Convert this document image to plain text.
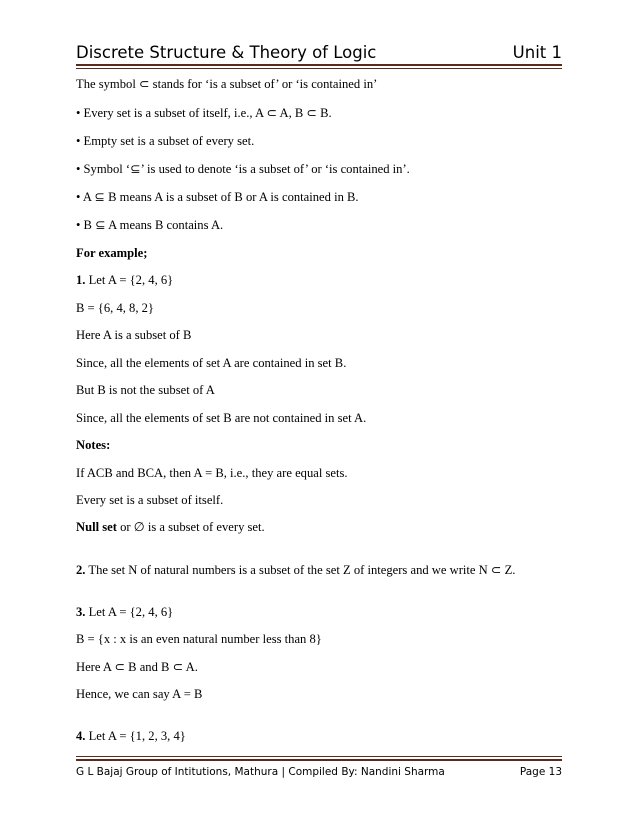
Discrete Structure & Theory of Logic	Unit 1
The symbol ⊂ stands for ‘is a subset of’ or ‘is contained in’
• Every set is a subset of itself, i.e., A ⊂ A, B ⊂ B.
• Empty set is a subset of every set.
• Symbol ‘⊆’ is used to denote ‘is a subset of’ or ‘is contained in’.
• A ⊆ B means A is a subset of B or A is contained in B.
• B ⊆ A means B contains A.
For example;
1. Let A = {2, 4, 6}
B = {6, 4, 8, 2}
Here A is a subset of B
Since, all the elements of set A are contained in set B.
But B is not the subset of A
Since, all the elements of set B are not contained in set A.
Notes:
If ACB and BCA, then A = B, i.e., they are equal sets.
Every set is a subset of itself.
Null set or ∅ is a subset of every set.
2. The set N of natural numbers is a subset of the set Z of integers and we write N ⊂ Z.
3. Let A = {2, 4, 6}
B = {x : x is an even natural number less than 8}
Here A ⊂ B and B ⊂ A.
Hence, we can say A = B
4. Let A = {1, 2, 3, 4}
G L Bajaj Group of Intitutions, Mathura | Compiled By: Nandini Sharma	Page 13
